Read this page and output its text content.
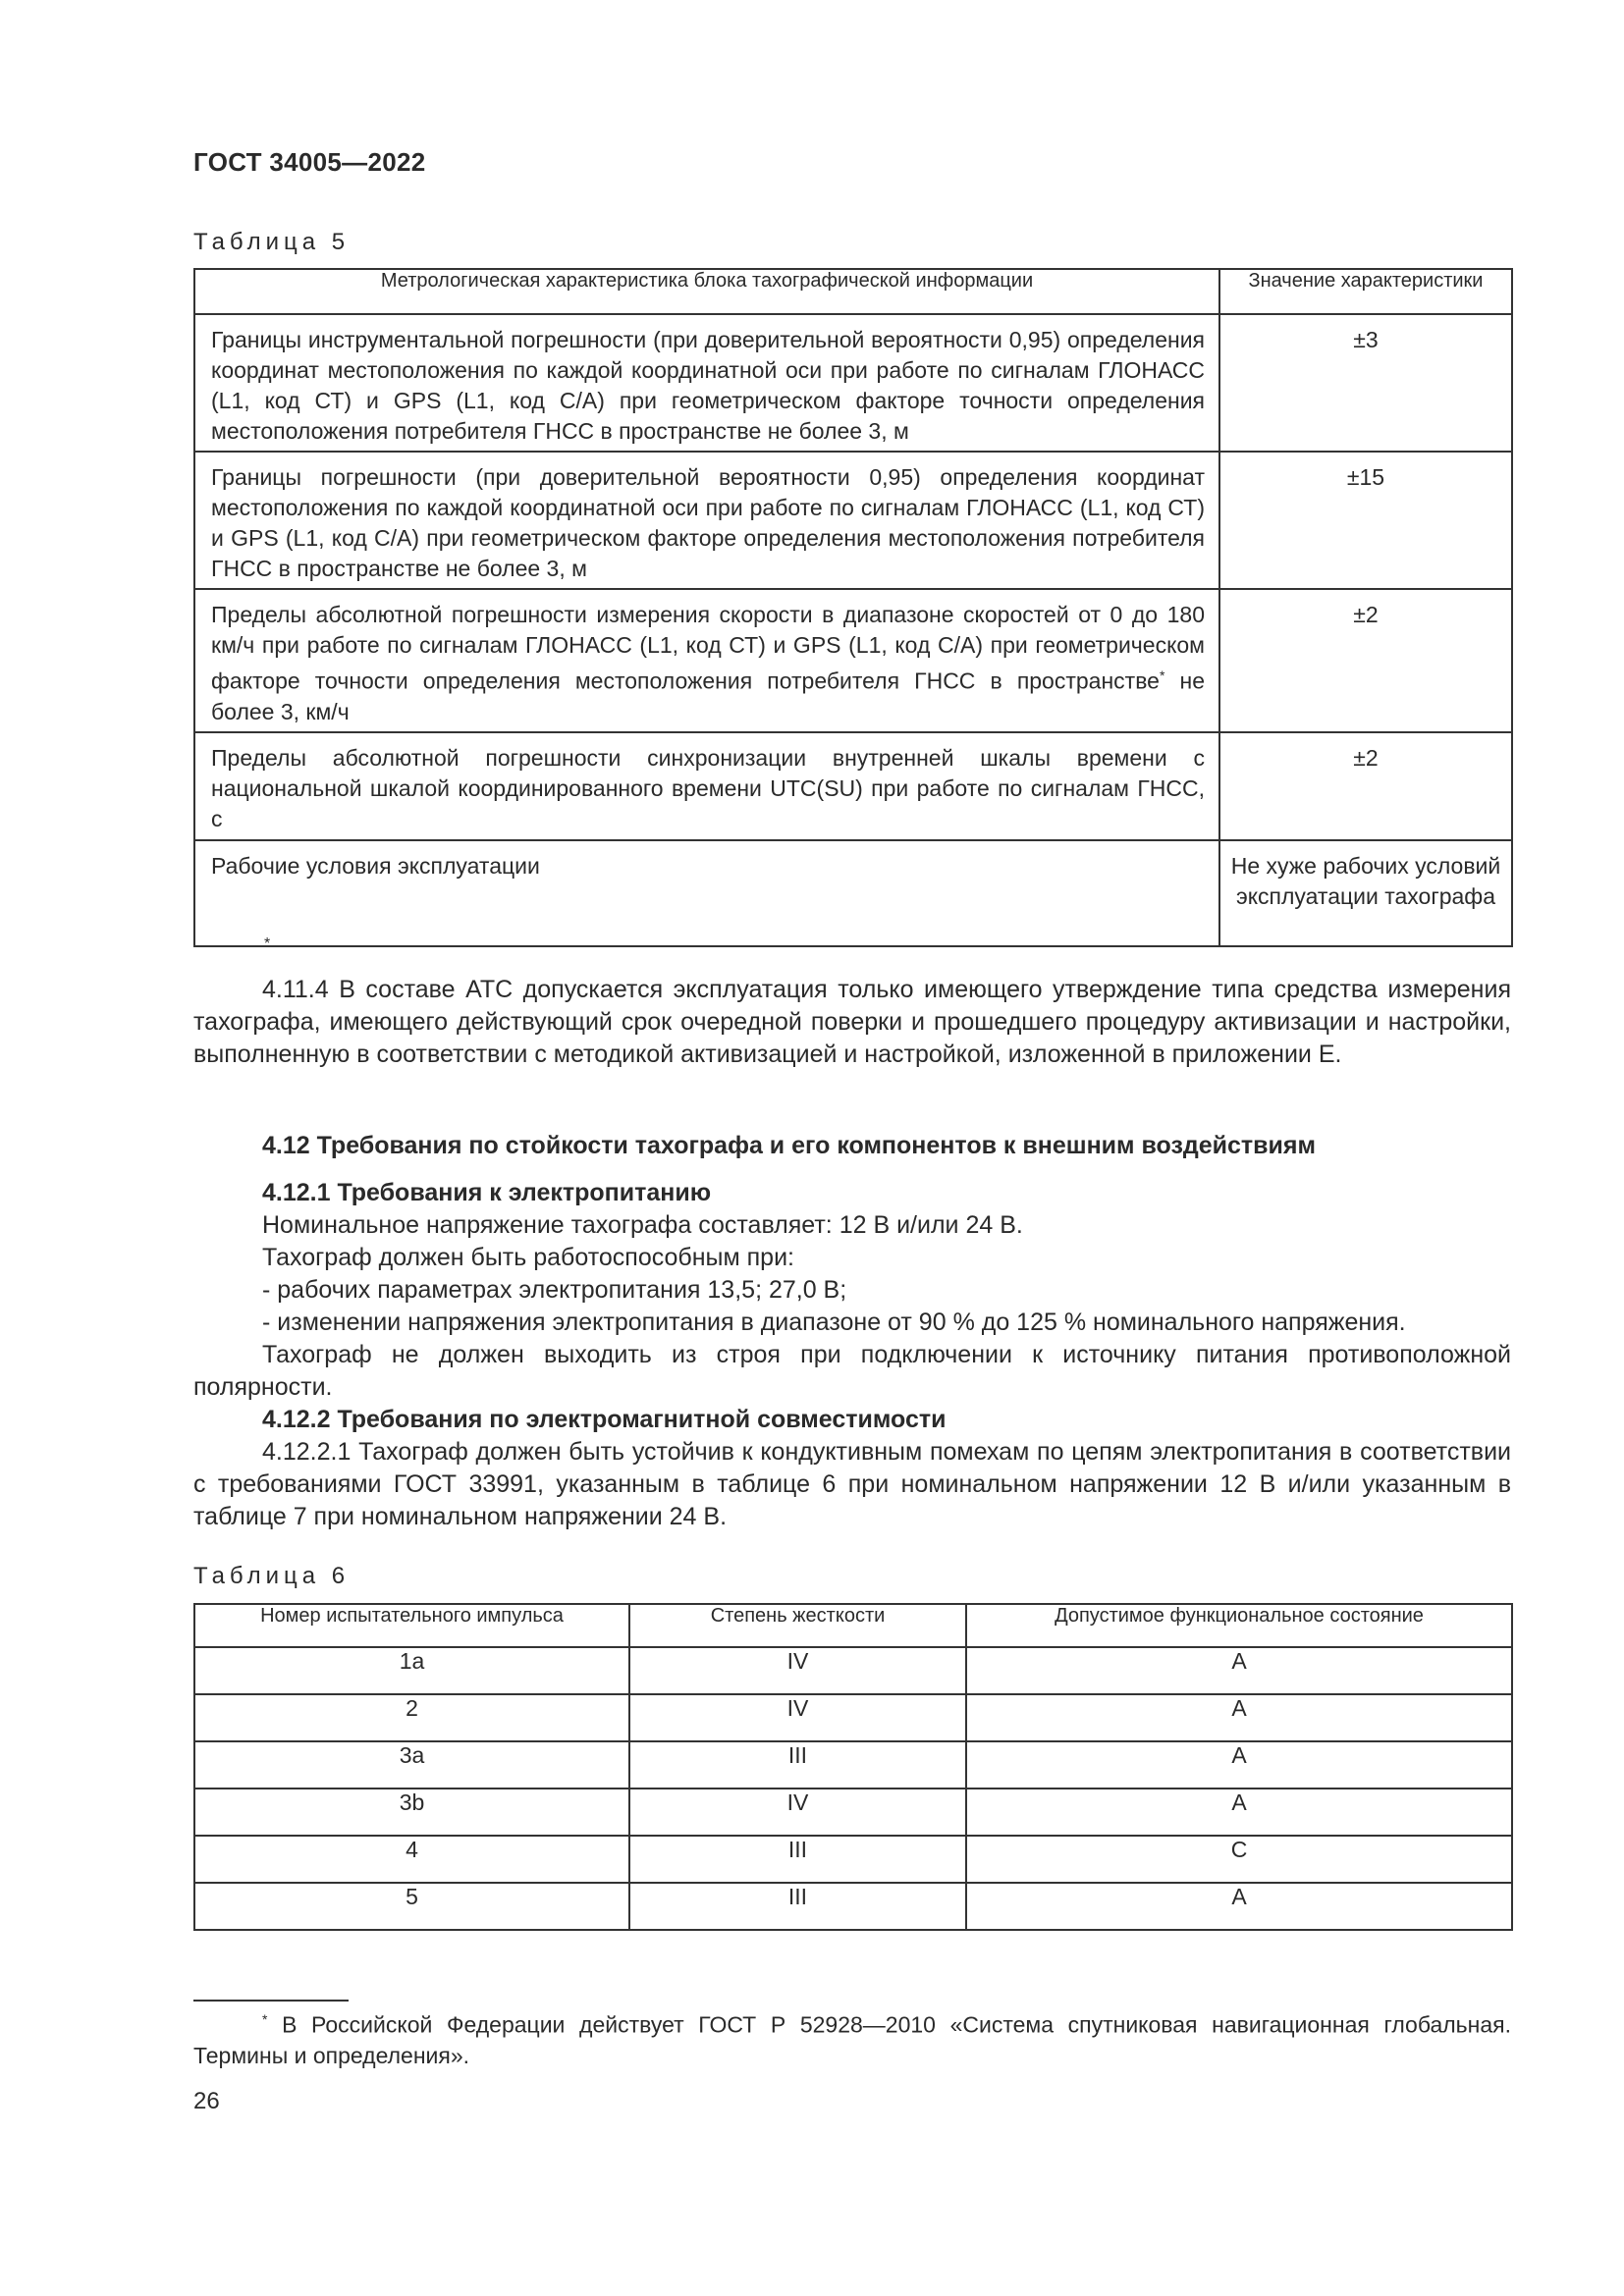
ГОСТ 34005—2022
Таблица 5
Метрологическая характеристика блока тахографической информации	Значение характеристики
Границы инструментальной погрешности (при доверительной вероятности 0,95) определения координат местоположения по каждой координатной оси при работе по сигналам ГЛОНАСС (L1, код СТ) и GPS (L1, код С/А) при геометрическом факторе точности определения местоположения потребителя ГНСС в пространстве не более 3, м	±3
Границы погрешности (при доверительной вероятности 0,95) определения координат местоположения по каждой координатной оси при работе по сигналам ГЛОНАСС (L1, код СТ) и GPS (L1, код С/А) при геометрическом факторе определения местоположения потребителя ГНСС в пространстве не более 3, м	±15
Пределы абсолютной погрешности измерения скорости в диапазоне скоростей от 0 до 180 км/ч при работе по сигналам ГЛОНАСС (L1, код СТ) и GPS (L1, код С/А) при геометрическом факторе точности определения местоположения потребителя ГНСС в пространстве* не более 3, км/ч	±2
Пределы абсолютной погрешности синхронизации внутренней шкалы времени с национальной шкалой координированного времени UTC(SU) при работе по сигналам ГНСС, с	±2
Рабочие условия эксплуатации	Не хуже рабочих условий эксплуатации тахографа
*
4.11.4 В составе АТС допускается эксплуатация только имеющего утверждение типа средства измерения тахографа, имеющего действующий срок очередной поверки и прошедшего процедуру активизации и настройки, выполненную в соответствии с методикой активизацией и настройкой, изложенной в приложении Е.
4.12 Требования по стойкости тахографа и его компонентов к внешним воздействиям
4.12.1 Требования к электропитанию
Номинальное напряжение тахографа составляет: 12 В и/или 24 В.
Тахограф должен быть работоспособным при:
- рабочих параметрах электропитания 13,5; 27,0 В;
- изменении напряжения электропитания в диапазоне от 90 % до 125 % номинального напряжения.
Тахограф не должен выходить из строя при подключении к источнику питания противоположной полярности.
4.12.2 Требования по электромагнитной совместимости
4.12.2.1 Тахограф должен быть устойчив к кондуктивным помехам по цепям электропитания в соответствии с требованиями ГОСТ 33991, указанным в таблице 6 при номинальном напряжении 12 В и/или указанным в таблице 7 при номинальном напряжении 24 В.
Таблица 6
Номер испытательного импульса	Степень жесткости	Допустимое функциональное состояние
1a	IV	A
2	IV	A
3a	III	A
3b	IV	A
4	III	C
5	III	A
* В Российской Федерации действует ГОСТ Р 52928—2010 «Система спутниковая навигационная глобальная. Термины и определения».
26
